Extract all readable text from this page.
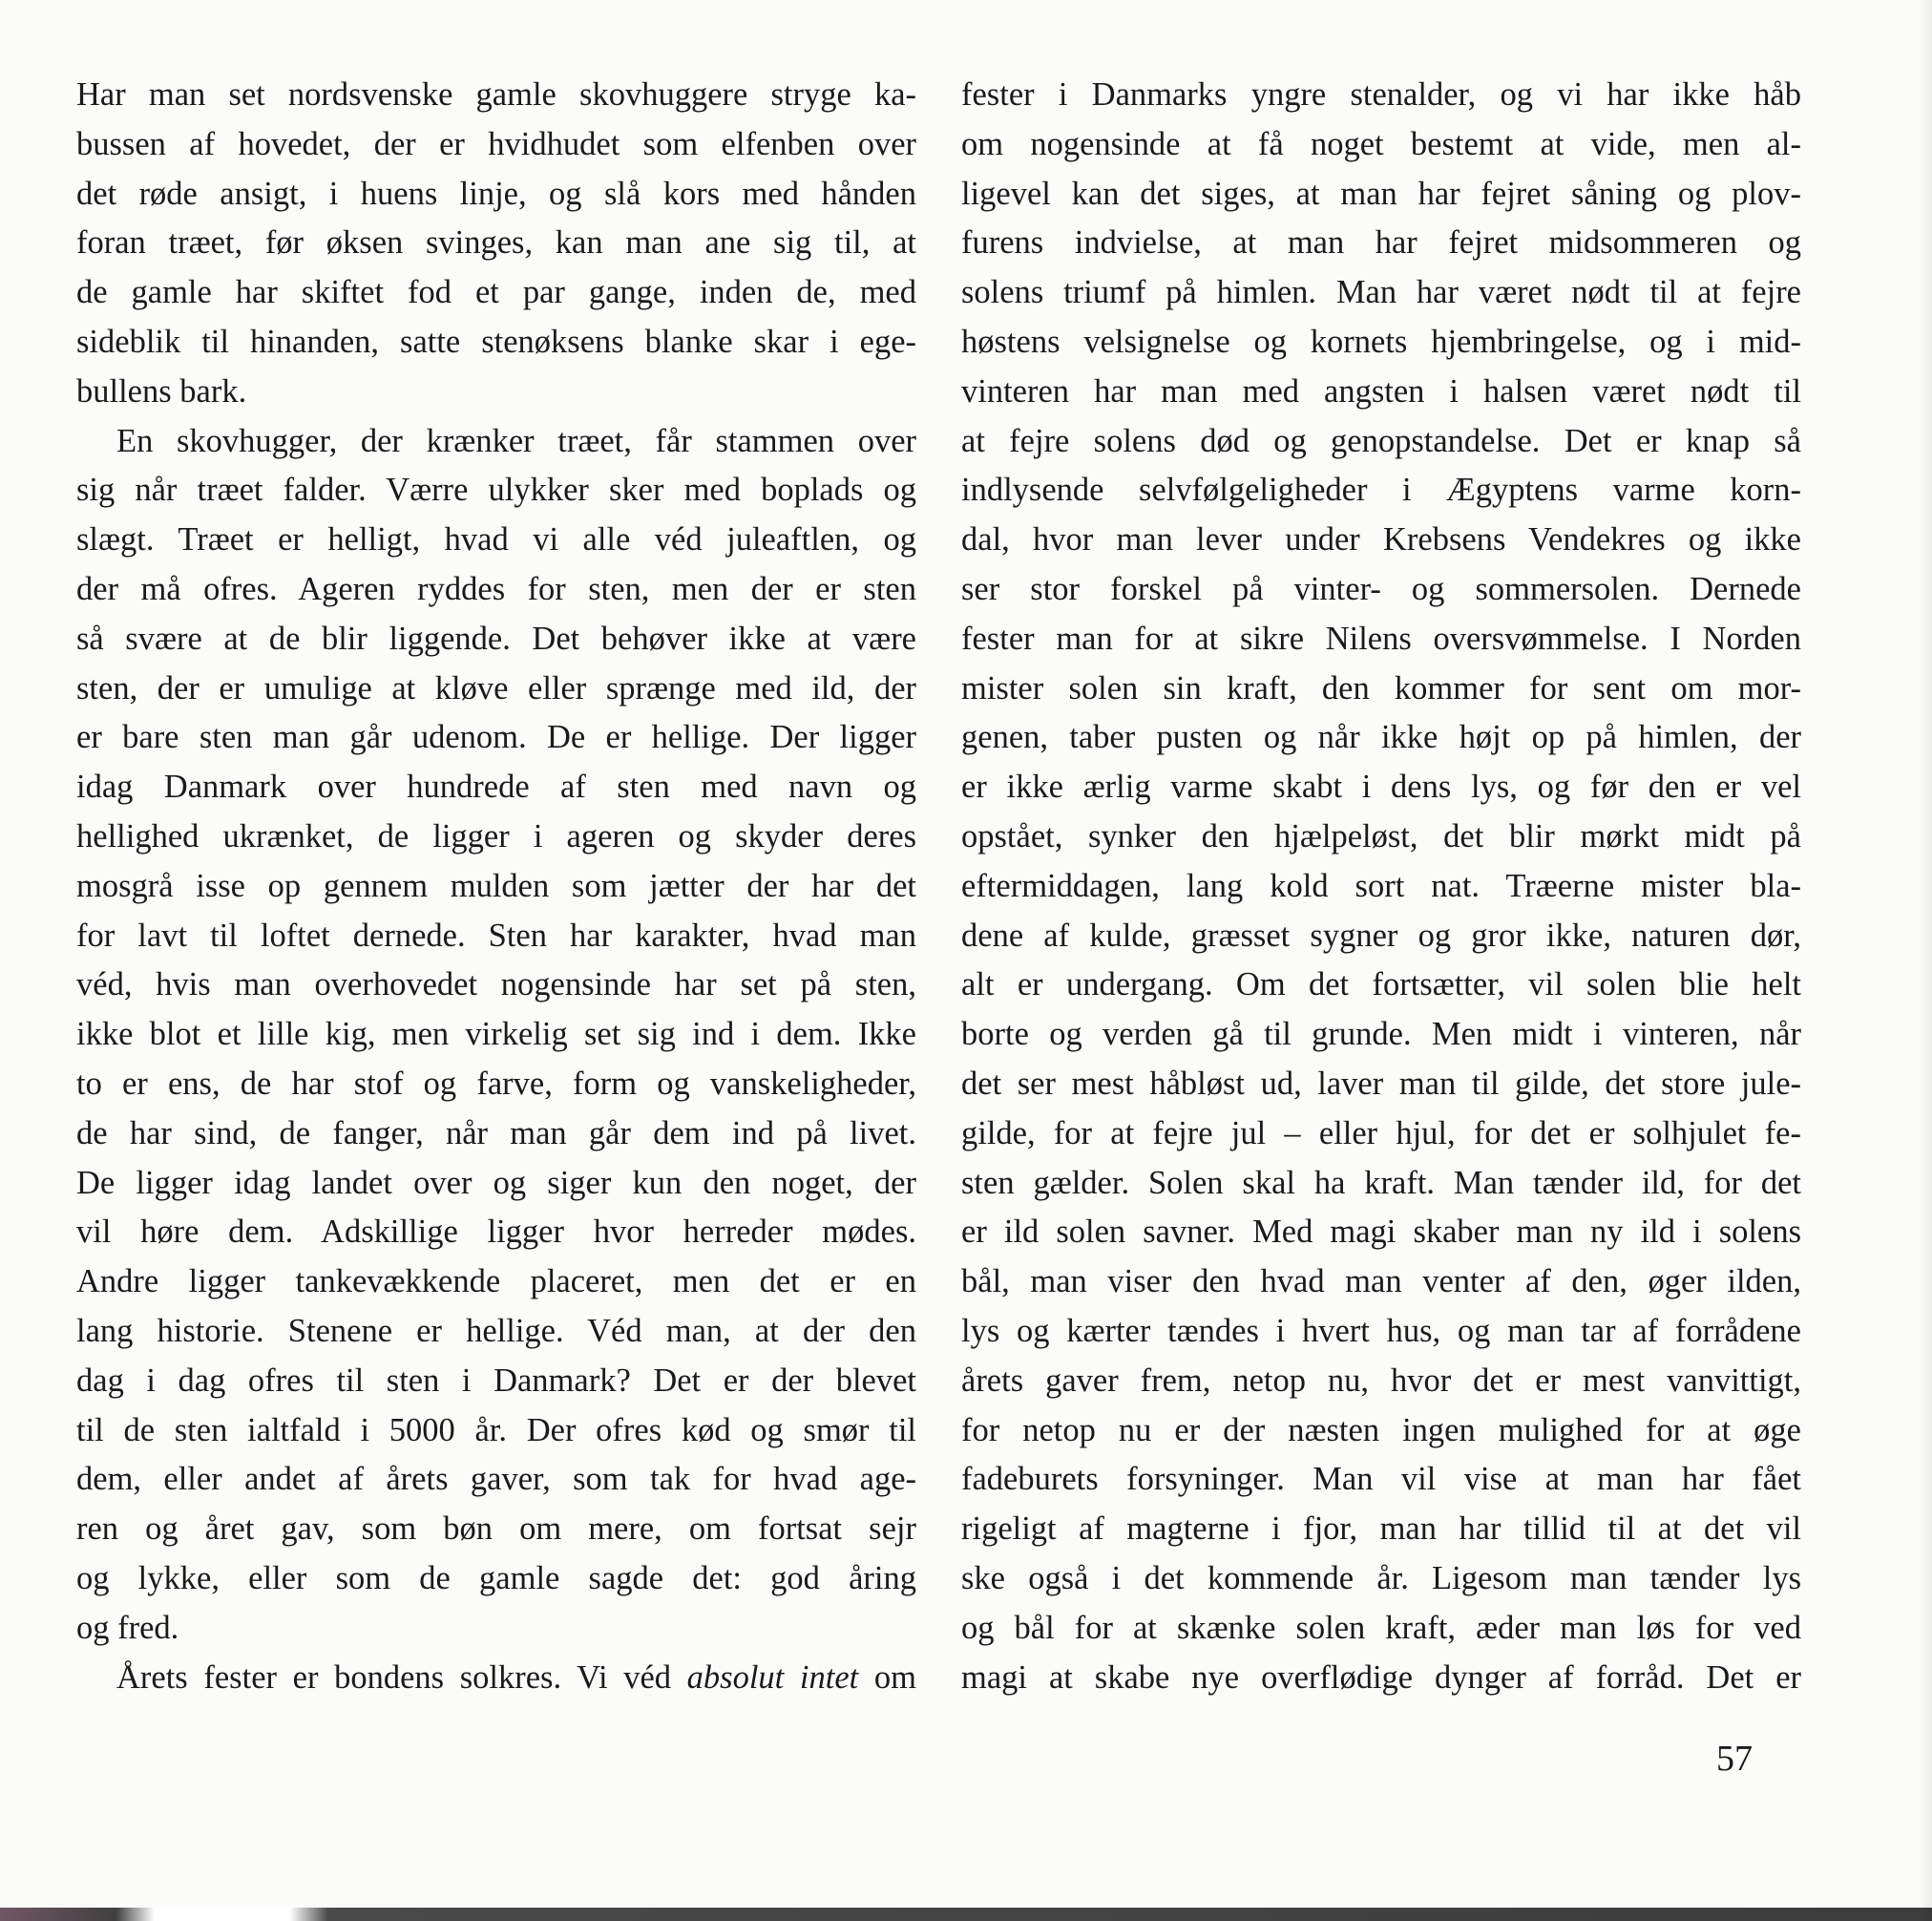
Har man set nordsvenske gamle skovhuggere stryge ka-
bussen af hovedet, der er hvidhudet som elfenben over
det røde ansigt, i huens linje, og slå kors med hånden
foran træet, før øksen svinges, kan man ane sig til, at
de gamle har skiftet fod et par gange, inden de, med
sideblik til hinanden, satte stenøksens blanke skar i ege-
bullens bark.
En skovhugger, der krænker træet, får stammen over
sig når træet falder. Værre ulykker sker med boplads og
slægt. Træet er helligt, hvad vi alle véd juleaftlen, og
der må ofres. Ageren ryddes for sten, men der er sten
så svære at de blir liggende. Det behøver ikke at være
sten, der er umulige at kløve eller sprænge med ild, der
er bare sten man går udenom. De er hellige. Der ligger
idag Danmark over hundrede af sten med navn og
hellighed ukrænket, de ligger i ageren og skyder deres
mosgrå isse op gennem mulden som jætter der har det
for lavt til loftet dernede. Sten har karakter, hvad man
véd, hvis man overhovedet nogensinde har set på sten,
ikke blot et lille kig, men virkelig set sig ind i dem. Ikke
to er ens, de har stof og farve, form og vanskeligheder,
de har sind, de fanger, når man går dem ind på livet.
De ligger idag landet over og siger kun den noget, der
vil høre dem. Adskillige ligger hvor herreder mødes.
Andre ligger tankevækkende placeret, men det er en
lang historie. Stenene er hellige. Véd man, at der den
dag i dag ofres til sten i Danmark? Det er der blevet
til de sten ialtfald i 5000 år. Der ofres kød og smør til
dem, eller andet af årets gaver, som tak for hvad age-
ren og året gav, som bøn om mere, om fortsat sejr
og lykke, eller som de gamle sagde det: god åring
og fred.
Årets fester er bondens solkres. Vi véd absolut intet om
fester i Danmarks yngre stenalder, og vi har ikke håb
om nogensinde at få noget bestemt at vide, men al-
ligevel kan det siges, at man har fejret såning og plov-
furens indvielse, at man har fejret midsommeren og
solens triumf på himlen. Man har været nødt til at fejre
høstens velsignelse og kornets hjembringelse, og i mid-
vinteren har man med angsten i halsen været nødt til
at fejre solens død og genopstandelse. Det er knap så
indlysende selvfølgeligheder i Ægyptens varme korn-
dal, hvor man lever under Krebsens Vendekres og ikke
ser stor forskel på vinter- og sommersolen. Dernede
fester man for at sikre Nilens oversvømmelse. I Norden
mister solen sin kraft, den kommer for sent om mor-
genen, taber pusten og når ikke højt op på himlen, der
er ikke ærlig varme skabt i dens lys, og før den er vel
opstået, synker den hjælpeløst, det blir mørkt midt på
eftermiddagen, lang kold sort nat. Træerne mister bla-
dene af kulde, græsset sygner og gror ikke, naturen dør,
alt er undergang. Om det fortsætter, vil solen blie helt
borte og verden gå til grunde. Men midt i vinteren, når
det ser mest håbløst ud, laver man til gilde, det store jule-
gilde, for at fejre jul – eller hjul, for det er solhjulet fe-
sten gælder. Solen skal ha kraft. Man tænder ild, for det
er ild solen savner. Med magi skaber man ny ild i solens
bål, man viser den hvad man venter af den, øger ilden,
lys og kærter tændes i hvert hus, og man tar af forrådene
årets gaver frem, netop nu, hvor det er mest vanvittigt,
for netop nu er der næsten ingen mulighed for at øge
fadeburets forsyninger. Man vil vise at man har fået
rigeligt af magterne i fjor, man har tillid til at det vil
ske også i det kommende år. Ligesom man tænder lys
og bål for at skænke solen kraft, æder man løs for ved
magi at skabe nye overflødige dynger af forråd. Det er
57
